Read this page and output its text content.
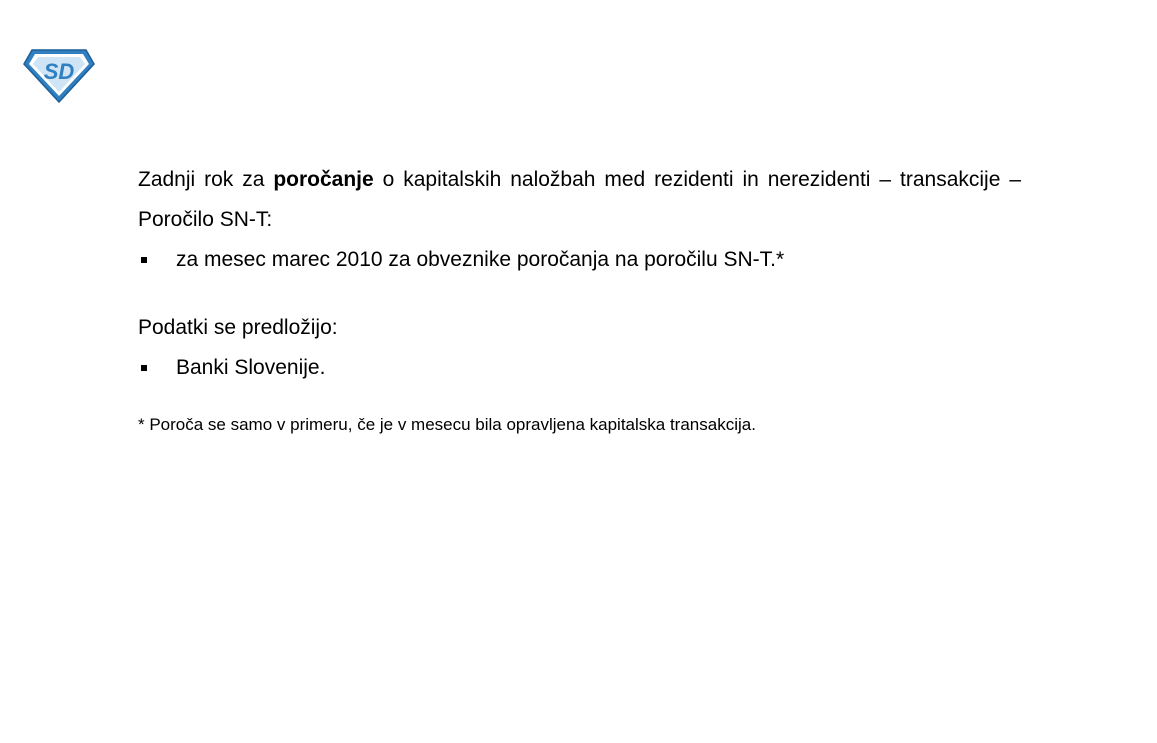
SD

Zadnji rok za poročanje o kapitalskih naložbah med rezidenti in nerezidenti – transakcije – Poročilo SN-T:

za mesec marec 2010 za obveznike poročanja na poročilu SN-T.*

Podatki se predložijo:

Banki Slovenije.

* Poroča se samo v primeru, če je v mesecu bila opravljena kapitalska transakcija.
